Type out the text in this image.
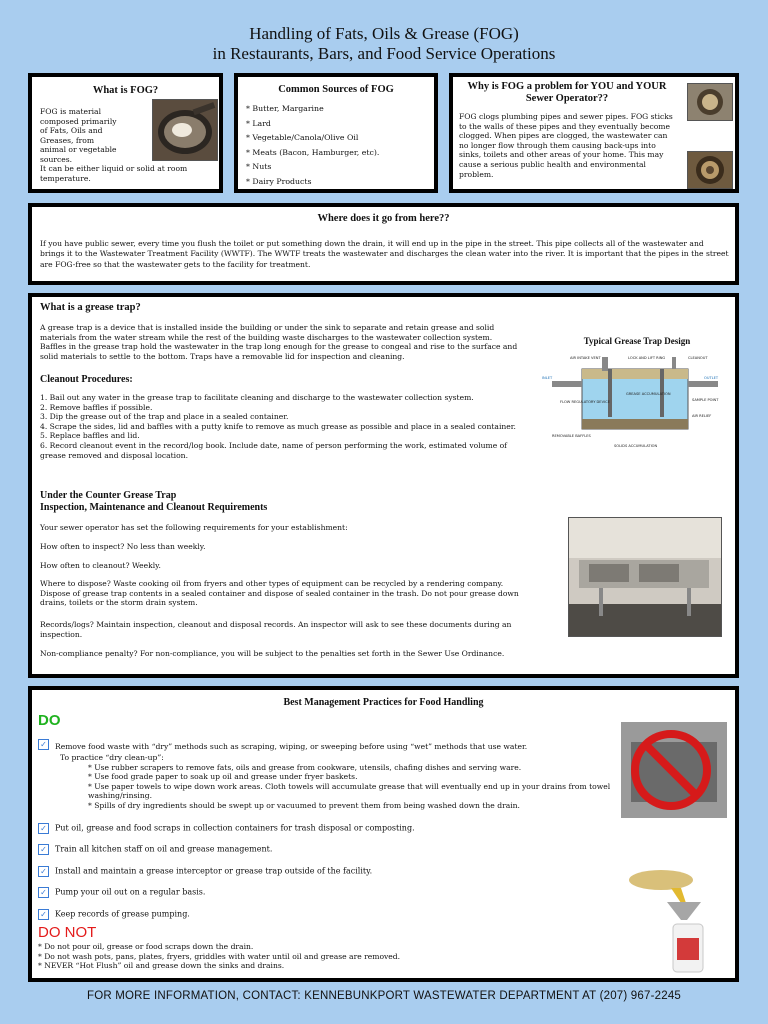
Handling of Fats, Oils & Grease (FOG)
in Restaurants, Bars, and Food Service Operations

What is FOG?

FOG is material composed primarily of Fats, Oils and Greases, from animal or vegetable sources.

It can be either liquid or solid at room temperature.

Common Sources of FOG

* Butter, Margarine
* Lard
* Vegetable/Canola/Olive Oil
* Meats (Bacon, Hamburger, etc).
* Nuts
* Dairy Products

Why is FOG a problem for YOU and YOUR Sewer Operator??

FOG clogs plumbing pipes and sewer pipes. FOG sticks to the walls of these pipes and they eventually become clogged. When pipes are clogged, the wastewater can no longer flow through them causing back-ups into sinks, toilets and other areas of your home. This may cause a serious public health and environmental problem.

Where does it go from here??

If you have public sewer, every time you flush the toilet or put something down the drain, it will end up in the pipe in the street. This pipe collects all of the wastewater and brings it to the Wastewater Treatment Facility (WWTF). The WWTF treats the wastewater and discharges the clean water into the river. It is important that the pipes in the street are FOG-free so that the wastewater gets to the facility for treatment.

What is a grease trap?

A grease trap is a device that is installed inside the building or under the sink to separate and retain grease and solid materials from the water stream while the rest of the building waste discharges to the wastewater collection system. Baffles in the grease trap hold the wastewater in the trap long enough for the grease to congeal and rise to the surface and solid materials to settle to the bottom. Traps have a removable lid for inspection and cleaning.

Cleanout Procedures:

1. Bail out any water in the grease trap to facilitate cleaning and discharge to the wastewater collection system.

2. Remove baffles if possible.

3. Dip the grease out of the trap and place in a sealed container.

4. Scrape the sides, lid and baffles with a putty knife to remove as much grease as possible and place in a sealed container.

5. Replace baffles and lid.

6. Record cleanout event in the record/log book. Include date, name of person performing the work, estimated volume of grease removed and disposal location.

Under the Counter Grease Trap

Inspection, Maintenance and Cleanout Requirements

Your sewer operator has set the following requirements for your establishment:

How often to inspect? No less than weekly.

How often to cleanout? Weekly.

Where to dispose? Waste cooking oil from fryers and other types of equipment can be recycled by a rendering company. Dispose of grease trap contents in a sealed container and dispose of sealed container in the trash. Do not pour grease down drains, toilets or the storm drain system.

Records/logs? Maintain inspection, cleanout and disposal records. An inspector will ask to see these documents during an inspection.

Non-compliance penalty? For non-compliance, you will be subject to the penalties set forth in the Sewer Use Ordinance.

Typical Grease Trap Design

AIR INTAKE VENT	LOCK AND LIFT RING	CLEANOUT
INLET	OUTLET
FLOW REGULATORY DEVICE
GREASE ACCUMULATION
SAMPLE POINT
REMOVABLE BAFFLES
AIR RELIEF
SOLIDS ACCUMULATION

Best Management Practices for Food Handling

DO
✓ Remove food waste with “dry” methods such as scraping, wiping, or sweeping before using “wet” methods that use water.

To practice “dry clean-up”:

* Use rubber scrapers to remove fats, oils and grease from cookware, utensils, chafing dishes and serving ware.

* Use food grade paper to soak up oil and grease under fryer baskets.

* Use paper towels to wipe down work areas. Cloth towels will accumulate grease that will eventually end up in your drains from towel washing/rinsing.

* Spills of dry ingredients should be swept up or vacuumed to prevent them from being washed down the drain.

✓ Put oil, grease and food scraps in collection containers for trash disposal or composting.
✓ Train all kitchen staff on oil and grease management.
✓ Install and maintain a grease interceptor or grease trap outside of the facility.
✓ Pump your oil out on a regular basis.
✓ Keep records of grease pumping.
DO NOT

* Do not pour oil, grease or food scraps down the drain.

* Do not wash pots, pans, plates, fryers, griddles with water until oil and grease are removed.

* NEVER “Hot Flush” oil and grease down the sinks and drains.

FOR MORE INFORMATION, CONTACT: KENNEBUNKPORT WASTEWATER DEPARTMENT AT (207) 967-2245
